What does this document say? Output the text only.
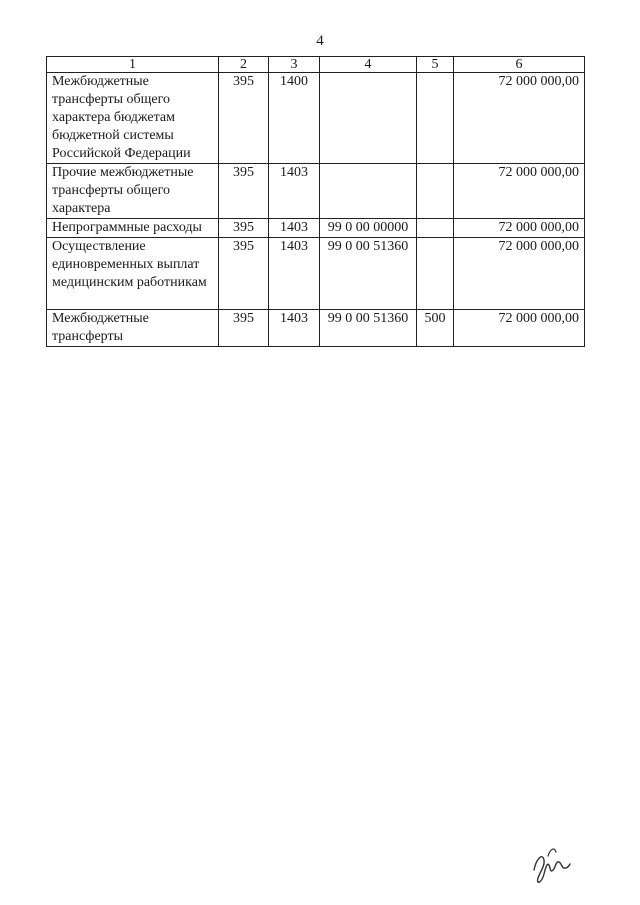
4
1	2	3	4	5	6
Межбюджетные трансферты общего характера бюджетам бюджетной системы Российской Федерации	395	1400			72 000 000,00
Прочие межбюджетные трансферты общего характера	395	1403			72 000 000,00
Непрограммные расходы	395	1403	99 0 00 00000		72 000 000,00
Осуществление единовременных выплат медицинским работникам	395	1403	99 0 00 51360		72 000 000,00
Межбюджетные трансферты	395	1403	99 0 00 51360	500	72 000 000,00
